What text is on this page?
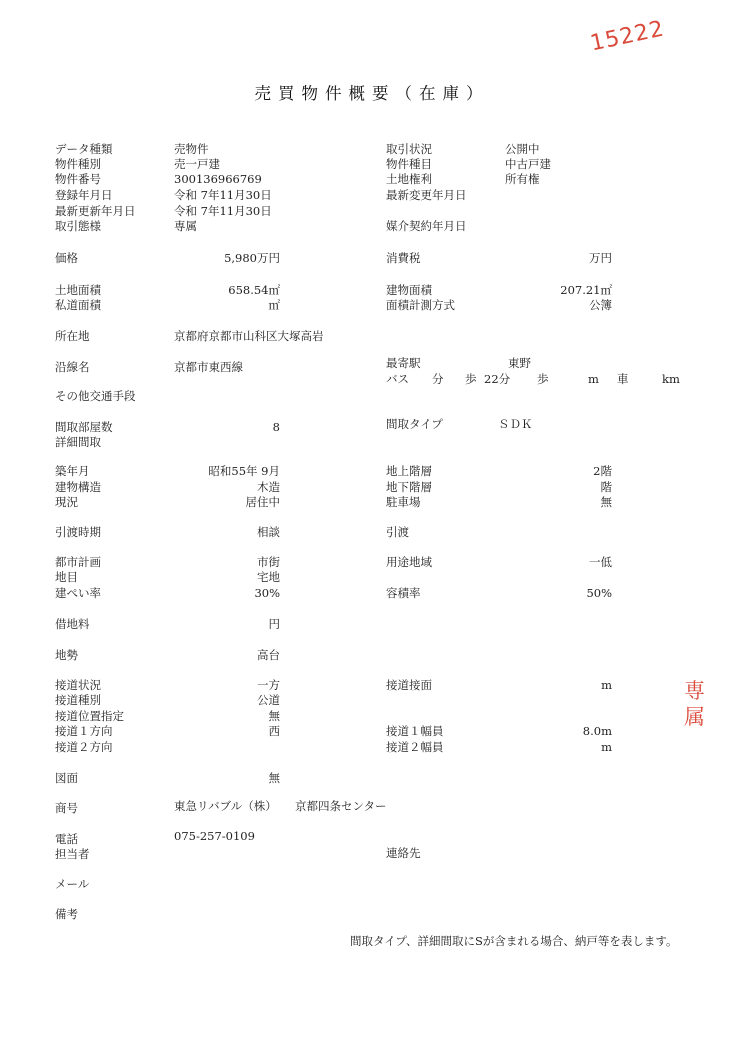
15222
専属
売買物件概要（在庫）
データ種類	売物件
物件種別	売一戸建
物件番号	300136966769
登録年月日	令和 7年11月30日
最新更新年月日	令和 7年11月30日
取引態様	専属
取引状況	公開中
物件種目	中古戸建
土地権利	所有権
最新変更年月日
媒介契約年月日
価格	5,980万円	消費税	万円
土地面積	658.54㎡
私道面積	㎡
建物面積	207.21㎡
面積計測方式	公簿
所在地	京都府京都市山科区大塚高岩
沿線名	京都市東西線	最寄駅	東野
バス 分 歩 22分 歩	m 車	km
その他交通手段
間取部屋数	8
詳細間取
間取タイプ	ＳＤＫ
築年月	昭和55年 9月
建物構造	木造
現況	居住中
地上階層	2階
地下階層	階
駐車場	無
引渡時期	相談	引渡
都市計画	市街
地目	宅地
建ぺい率	30%
用途地域	一低
容積率	50%
借地料	円
地勢	高台
接道状況	一方
接道種別	公道
接道位置指定	無
接道１方向	西
接道２方向
接道接面	m
接道１幅員	8.0m
接道２幅員	m
図面	無
商号	東急リバブル（株） 京都四条センター
電話	075-257-0109
担当者	連絡先
メール
備考
間取タイプ、詳細間取にSが含まれる場合、納戸等を表します。
